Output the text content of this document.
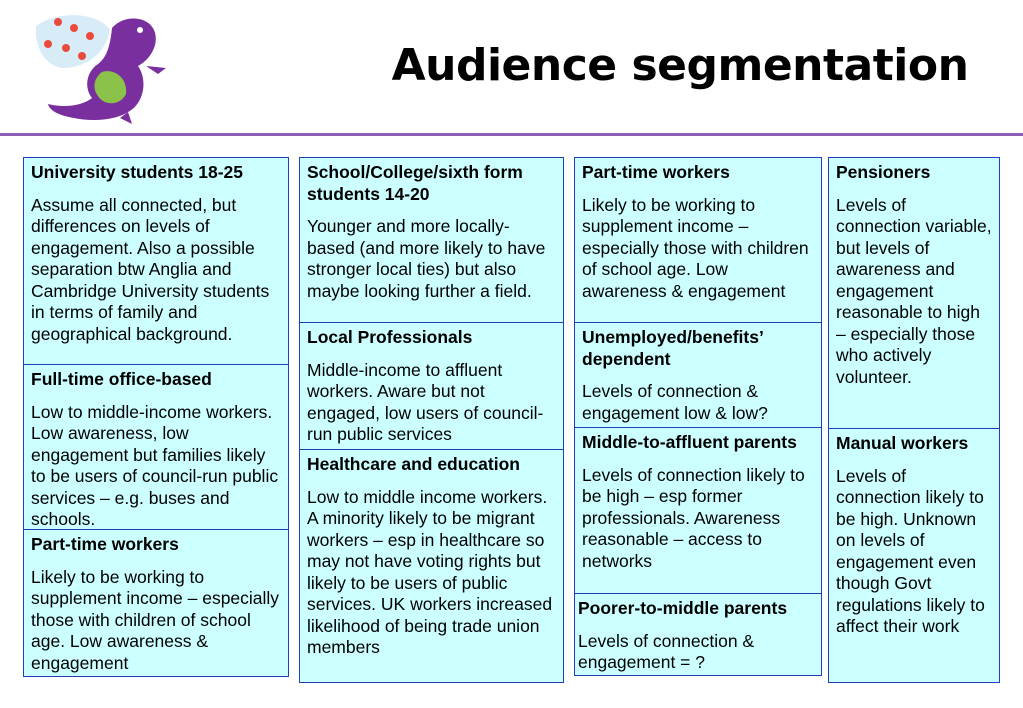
Audience segmentation
University students 18-25
Assume all connected, but differences on levels of engagement. Also a possible separation btw Anglia and Cambridge University students in terms of family and geographical background.
Full-time office-based
Low to middle-income workers. Low awareness, low engagement but families likely to be users of council-run public services – e.g. buses and schools.
Part-time workers
Likely to be working to supplement income – especially those with children of school age. Low awareness & engagement
School/College/sixth form students 14-20
Younger and more locally-based (and more likely to have stronger local ties) but also maybe looking further a field.
Local Professionals
Middle-income to affluent workers. Aware but not engaged, low users of council-run public services
Healthcare and education
Low to middle income workers. A minority likely to be migrant workers – esp in healthcare so may not have voting rights but likely to be users of public services. UK workers increased likelihood of being trade union members
Part-time workers
Likely to be working to supplement income – especially those with children of school age. Low awareness & engagement
Unemployed/benefits’ dependent
Levels of connection & engagement low & low?
Middle-to-affluent parents
Levels of connection likely to be high – esp former professionals. Awareness reasonable – access to networks
Poorer-to-middle parents
Levels of connection & engagement = ?
Pensioners
Levels of connection variable, but levels of awareness and engagement reasonable to high – especially those who actively volunteer.
Manual workers
Levels of connection likely to be high. Unknown on levels of engagement even though Govt regulations likely to affect their work
